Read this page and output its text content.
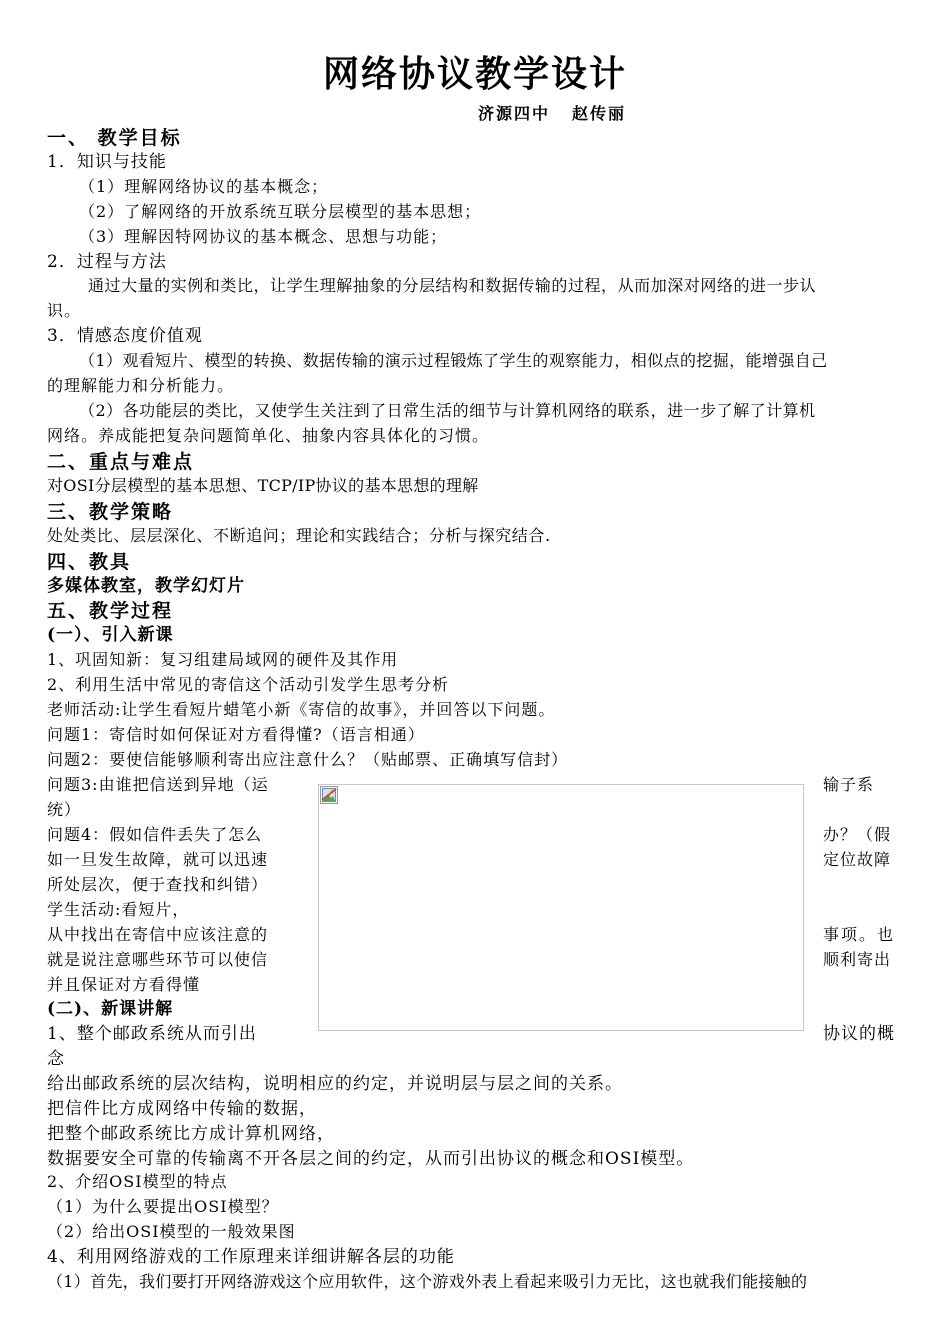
网络协议教学设计
济源四中 赵传丽
一、 教学目标
1．知识与技能
（1）理解网络协议的基本概念；
（2）了解网络的开放系统互联分层模型的基本思想；
（3）理解因特网协议的基本概念、思想与功能；
2．过程与方法
通过大量的实例和类比，让学生理解抽象的分层结构和数据传输的过程，从而加深对网络的进一步认
识。
3．情感态度价值观
（1）观看短片、模型的转换、数据传输的演示过程锻炼了学生的观察能力，相似点的挖掘，能增强自己
的理解能力和分析能力。
（2）各功能层的类比，又使学生关注到了日常生活的细节与计算机网络的联系，进一步了解了计算机
网络。养成能把复杂问题简单化、抽象内容具体化的习惯。
二、重点与难点
对OSI分层模型的基本思想、TCP/IP协议的基本思想的理解
三、教学策略
处处类比、层层深化、不断追问；理论和实践结合；分析与探究结合.
四、教具
多媒体教室，教学幻灯片
五、教学过程
(一）、引入新课
1、巩固知新：复习组建局域网的硬件及其作用
2、利用生活中常见的寄信这个活动引发学生思考分析
老师活动:让学生看短片蜡笔小新《寄信的故事》，并回答以下问题。
问题1：寄信时如何保证对方看得懂?（语言相通）
问题2：要使信能够顺利寄出应注意什么？（贴邮票、正确填写信封）
问题3:由谁把信送到异地（运	输子系
统）
问题4：假如信件丢失了怎么	办？（假
如一旦发生故障，就可以迅速	定位故障
所处层次，便于查找和纠错）
学生活动:看短片，
从中找出在寄信中应该注意的	事项。也
就是说注意哪些环节可以使信	顺利寄出
并且保证对方看得懂
(二)、新课讲解
1、整个邮政系统从而引出	协议的概
念
给出邮政系统的层次结构，说明相应的约定，并说明层与层之间的关系。
把信件比方成网络中传输的数据，
把整个邮政系统比方成计算机网络，
数据要安全可靠的传输离不开各层之间的约定，从而引出协议的概念和OSI模型。
2、介绍OSI模型的特点
（1）为什么要提出OSI模型？
（2）给出OSI模型的一般效果图
4、利用网络游戏的工作原理来详细讲解各层的功能
（1）首先，我们要打开网络游戏这个应用软件，这个游戏外表上看起来吸引力无比，这也就我们能接触的
